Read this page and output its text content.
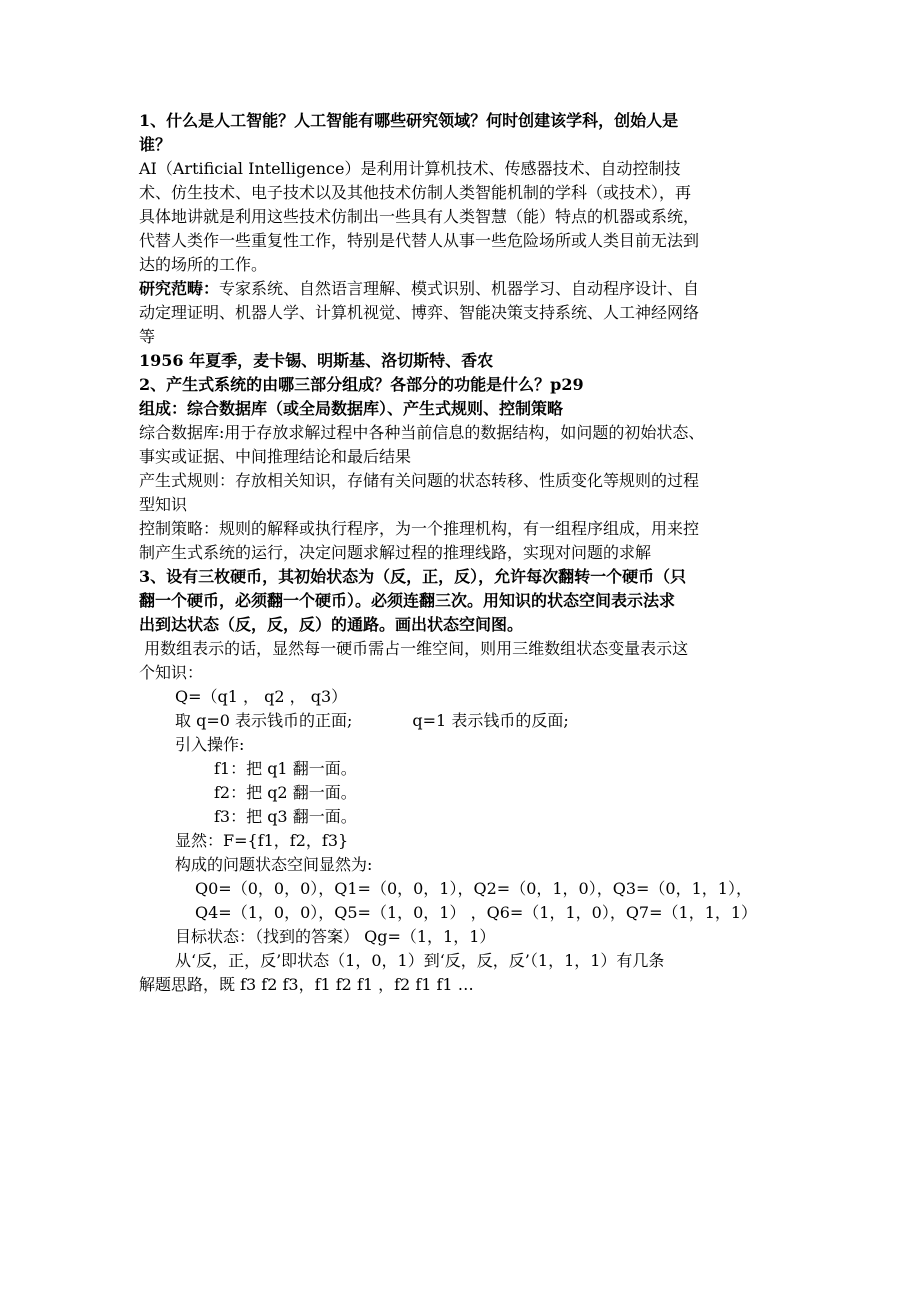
1、什么是人工智能？人工智能有哪些研究领域？何时创建该学科，创始人是
谁？
AI（Artificial Intelligence）是利用计算机技术、传感器技术、自动控制技
术、仿生技术、电子技术以及其他技术仿制人类智能机制的学科（或技术），再
具体地讲就是利用这些技术仿制出一些具有人类智慧（能）特点的机器或系统，
代替人类作一些重复性工作，特别是代替人从事一些危险场所或人类目前无法到
达的场所的工作。
研究范畴：专家系统、自然语言理解、模式识别、机器学习、自动程序设计、自
动定理证明、机器人学、计算机视觉、博弈、智能决策支持系统、人工神经网络
等
1956 年夏季，麦卡锡、明斯基、洛切斯特、香农
2、产生式系统的由哪三部分组成？各部分的功能是什么？p29
组成：综合数据库（或全局数据库）、产生式规则、控制策略
综合数据库:用于存放求解过程中各种当前信息的数据结构，如问题的初始状态、
事实或证据、中间推理结论和最后结果
产生式规则：存放相关知识，存储有关问题的状态转移、性质变化等规则的过程
型知识
控制策略：规则的解释或执行程序，为一个推理机构，有一组程序组成，用来控
制产生式系统的运行，决定问题求解过程的推理线路，实现对问题的求解
3、设有三枚硬币，其初始状态为（反，正，反），允许每次翻转一个硬币（只
翻一个硬币，必须翻一个硬币）。必须连翻三次。用知识的状态空间表示法求
出到达状态（反，反，反）的通路。画出状态空间图。
用数组表示的话，显然每一硬币需占一维空间，则用三维数组状态变量表示这
个知识：
Q=（q1 ， q2 ， q3）
取 q=0 表示钱币的正面;	q=1 表示钱币的反面;
引入操作:
f1：把 q1 翻一面。
f2：把 q2 翻一面。
f3：把 q3 翻一面。
显然：F={f1，f2，f3}
构成的问题状态空间显然为:
Q0=（0，0，0），Q1=（0，0，1），Q2=（0，1，0），Q3=（0，1，1），
Q4=（1，0，0），Q5=（1，0，1） ，Q6=（1，1，0），Q7=（1，1，1）
目标状态：（找到的答案） Qg=（1，1，1）
从‘反，正，反’即状态（1，0，1）到‘反，反，反’（1，1，1）有几条
解题思路，既 f3 f2 f3，f1 f2 f1 ，f2 f1 f1 …
